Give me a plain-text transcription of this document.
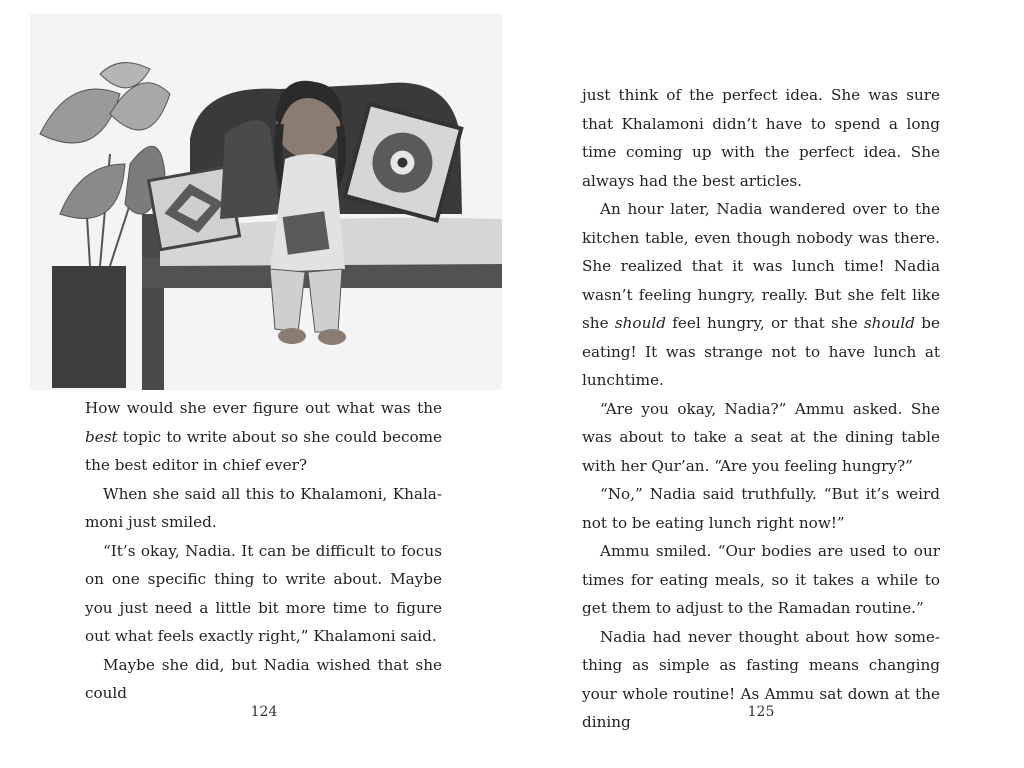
How would she ever figure out what was the best topic to write about so she could become the best editor in chief ever?

When she said all this to Khalamoni, Khalamoni just smiled.

“It’s okay, Nadia. It can be difficult to focus on one specific thing to write about. Maybe you just need a little bit more time to figure out what feels exactly right,” Khalamoni said.

Maybe she did, but Nadia wished that she could

124

just think of the perfect idea. She was sure that Khalamoni didn’t have to spend a long time coming up with the perfect idea. She always had the best articles.

An hour later, Nadia wandered over to the kitchen table, even though nobody was there. She realized that it was lunch time! Nadia wasn’t feeling hungry, really. But she felt like she should feel hungry, or that she should be eating! It was strange not to have lunch at lunchtime.

“Are you okay, Nadia?” Ammu asked. She was about to take a seat at the dining table with her Qur’an. “Are you feeling hungry?”

“No,” Nadia said truthfully. “But it’s weird not to be eating lunch right now!”

Ammu smiled. “Our bodies are used to our times for eating meals, so it takes a while to get them to adjust to the Ramadan routine.”

Nadia had never thought about how something as simple as fasting means changing your whole routine! As Ammu sat down at the dining

125
